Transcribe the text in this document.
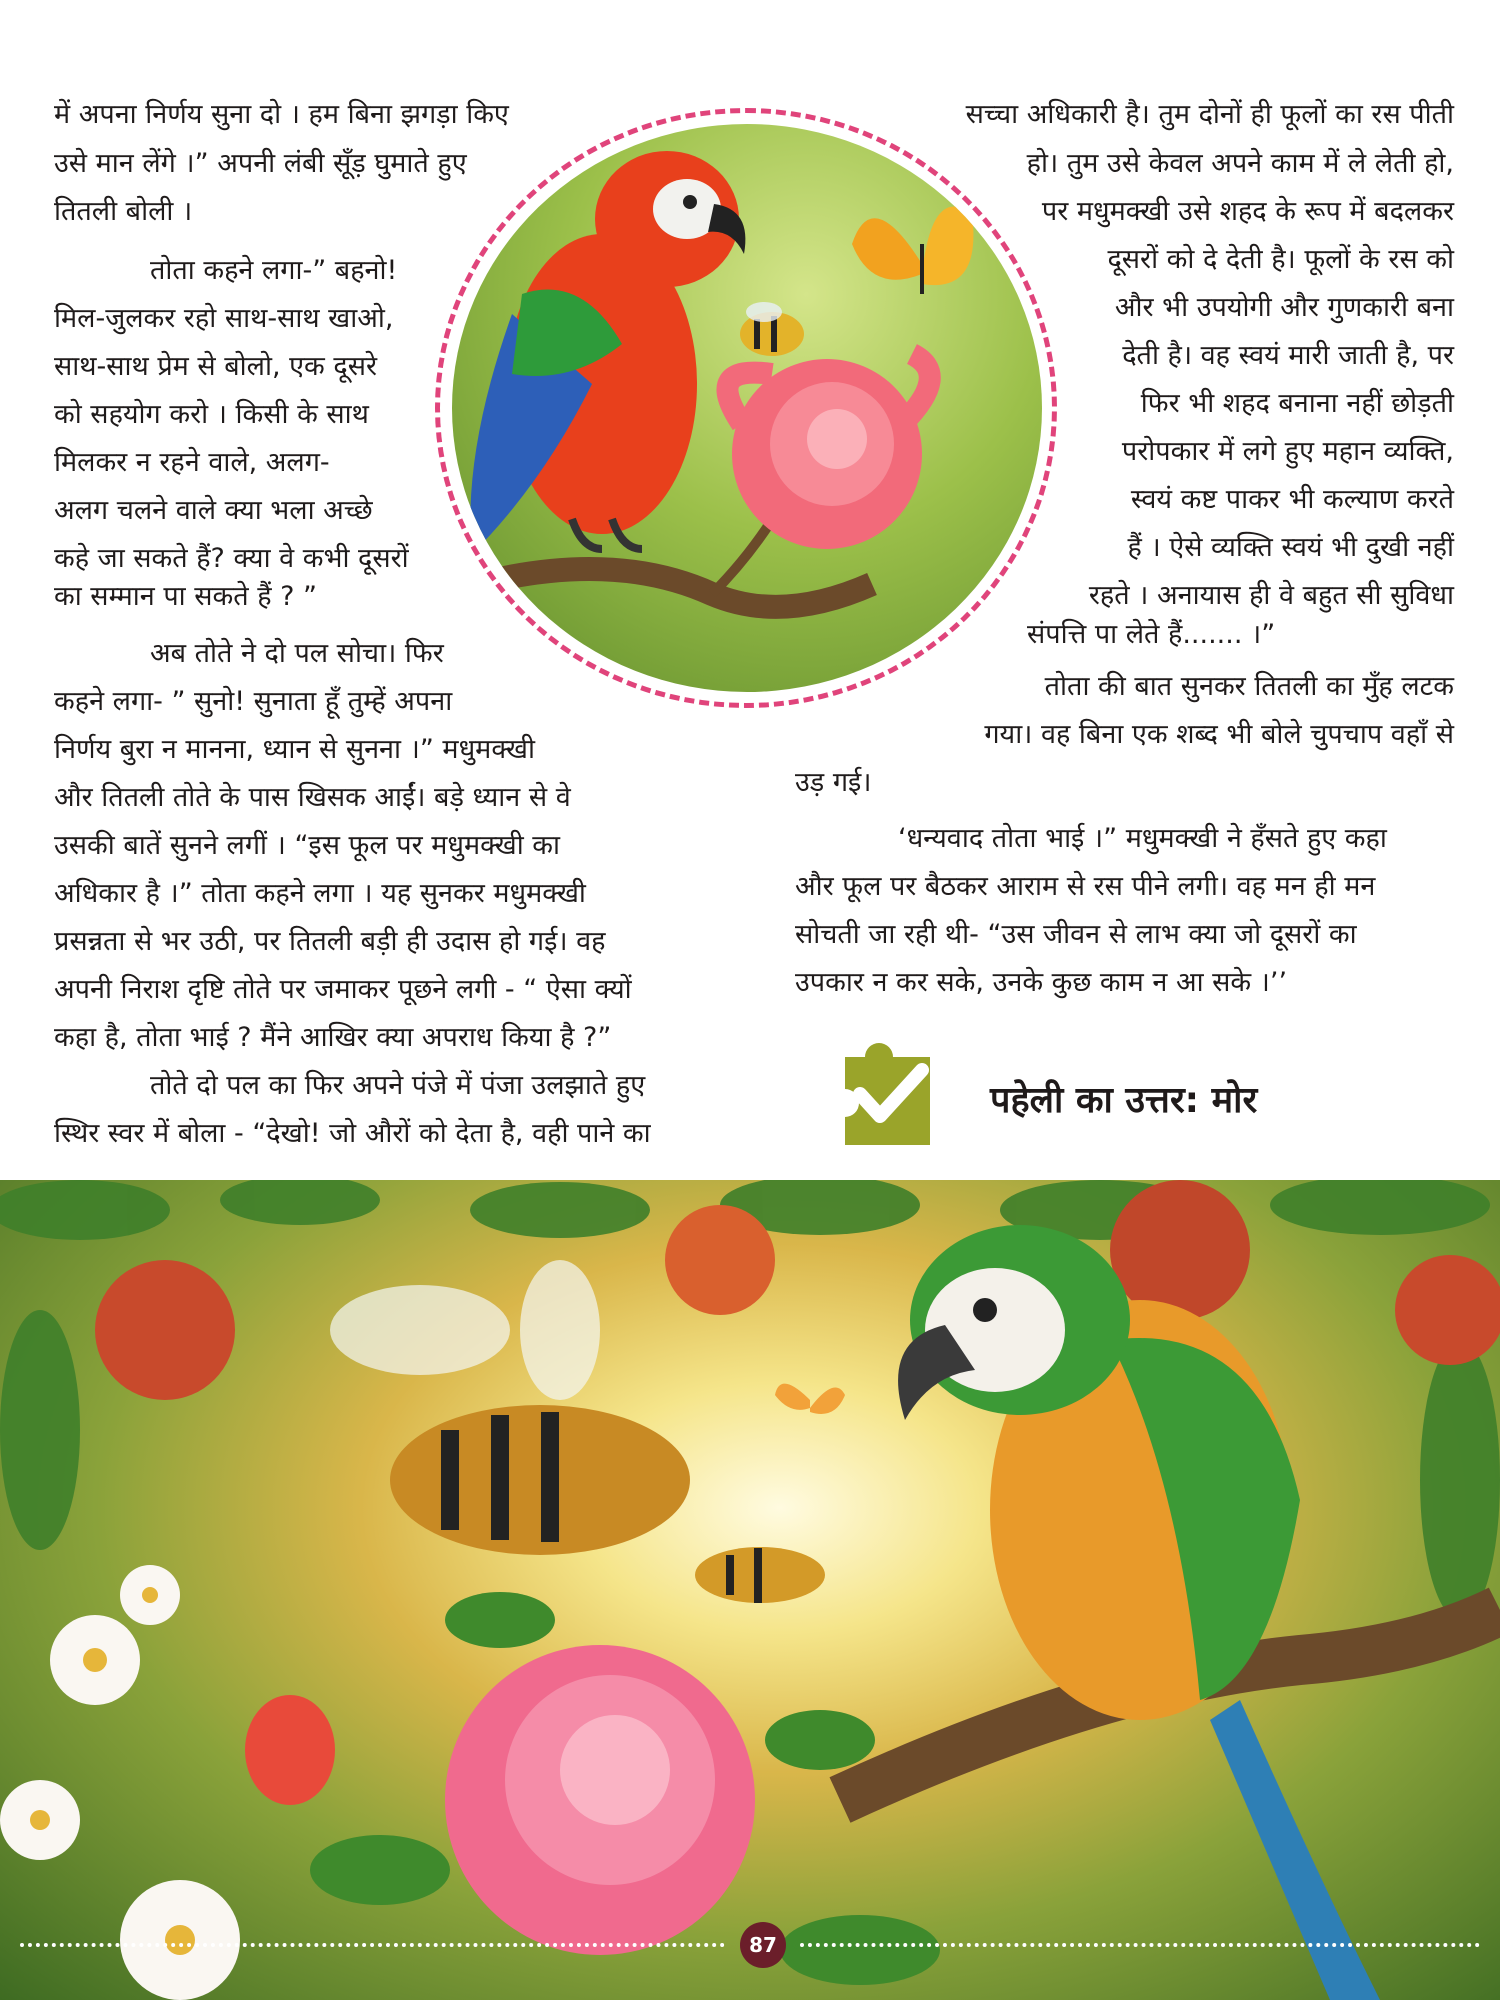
में अपना निर्णय सुना दो । हम बिना झगड़ा किए
उसे मान लेंगे ।” अपनी लंबी सूँड़ घुमाते हुए
तितली बोली ।
तोता कहने लगा-” बहनो!
मिल-जुलकर रहो साथ-साथ खाओ,
साथ-साथ प्रेम से बोलो, एक दूसरे
को सहयोग करो । किसी के साथ
मिलकर न रहने वाले, अलग-
अलग चलने वाले क्या भला अच्छे
कहे जा सकते हैं? क्या वे कभी दूसरों
का सम्मान पा सकते हैं ? ”
अब तोते ने दो पल सोचा। फिर
कहने लगा- ” सुनो! सुनाता हूँ तुम्हें अपना
निर्णय बुरा न मानना, ध्यान से सुनना ।” मधुमक्खी
और तितली तोते के पास खिसक आईं। बड़े ध्यान से वे
उसकी बातें सुनने लगीं । “इस फूल पर मधुमक्खी का
अधिकार है ।” तोता कहने लगा । यह सुनकर मधुमक्खी
प्रसन्नता से भर उठी, पर तितली बड़ी ही उदास हो गई। वह
अपनी निराश दृष्टि तोते पर जमाकर पूछने लगी - “ ऐसा क्यों
कहा है, तोता भाई ? मैंने आखिर क्या अपराध किया है ?”
तोते दो पल का फिर अपने पंजे में पंजा उलझाते हुए
स्थिर स्वर में बोला - “देखो! जो औरों को देता है, वही पाने का
सच्चा अधिकारी है। तुम दोनों ही फूलों का रस पीती
हो। तुम उसे केवल अपने काम में ले लेती हो,
पर मधुमक्खी उसे शहद के रूप में बदलकर
दूसरों को दे देती है। फूलों के रस को
और भी उपयोगी और गुणकारी बना
देती है। वह स्वयं मारी जाती है, पर
फिर भी शहद बनाना नहीं छोड़ती
परोपकार में लगे हुए महान व्यक्ति,
स्वयं कष्ट पाकर भी कल्याण करते
हैं । ऐसे व्यक्ति स्वयं भी दुखी नहीं
रहते । अनायास ही वे बहुत सी सुविधा
संपत्ति पा लेते हैं....... ।”
तोता की बात सुनकर तितली का मुँह लटक
गया। वह बिना एक शब्द भी बोले चुपचाप वहाँ से
उड़ गई।
‘धन्यवाद तोता भाई ।” मधुमक्खी ने हँसते हुए कहा
और फूल पर बैठकर आराम से रस पीने लगी। वह मन ही मन
सोचती जा रही थी- “उस जीवन से लाभ क्या जो दूसरों का
उपकार न कर सके, उनके कुछ काम न आ सके ।’’
पहेली का उत्तर: मोर
87
